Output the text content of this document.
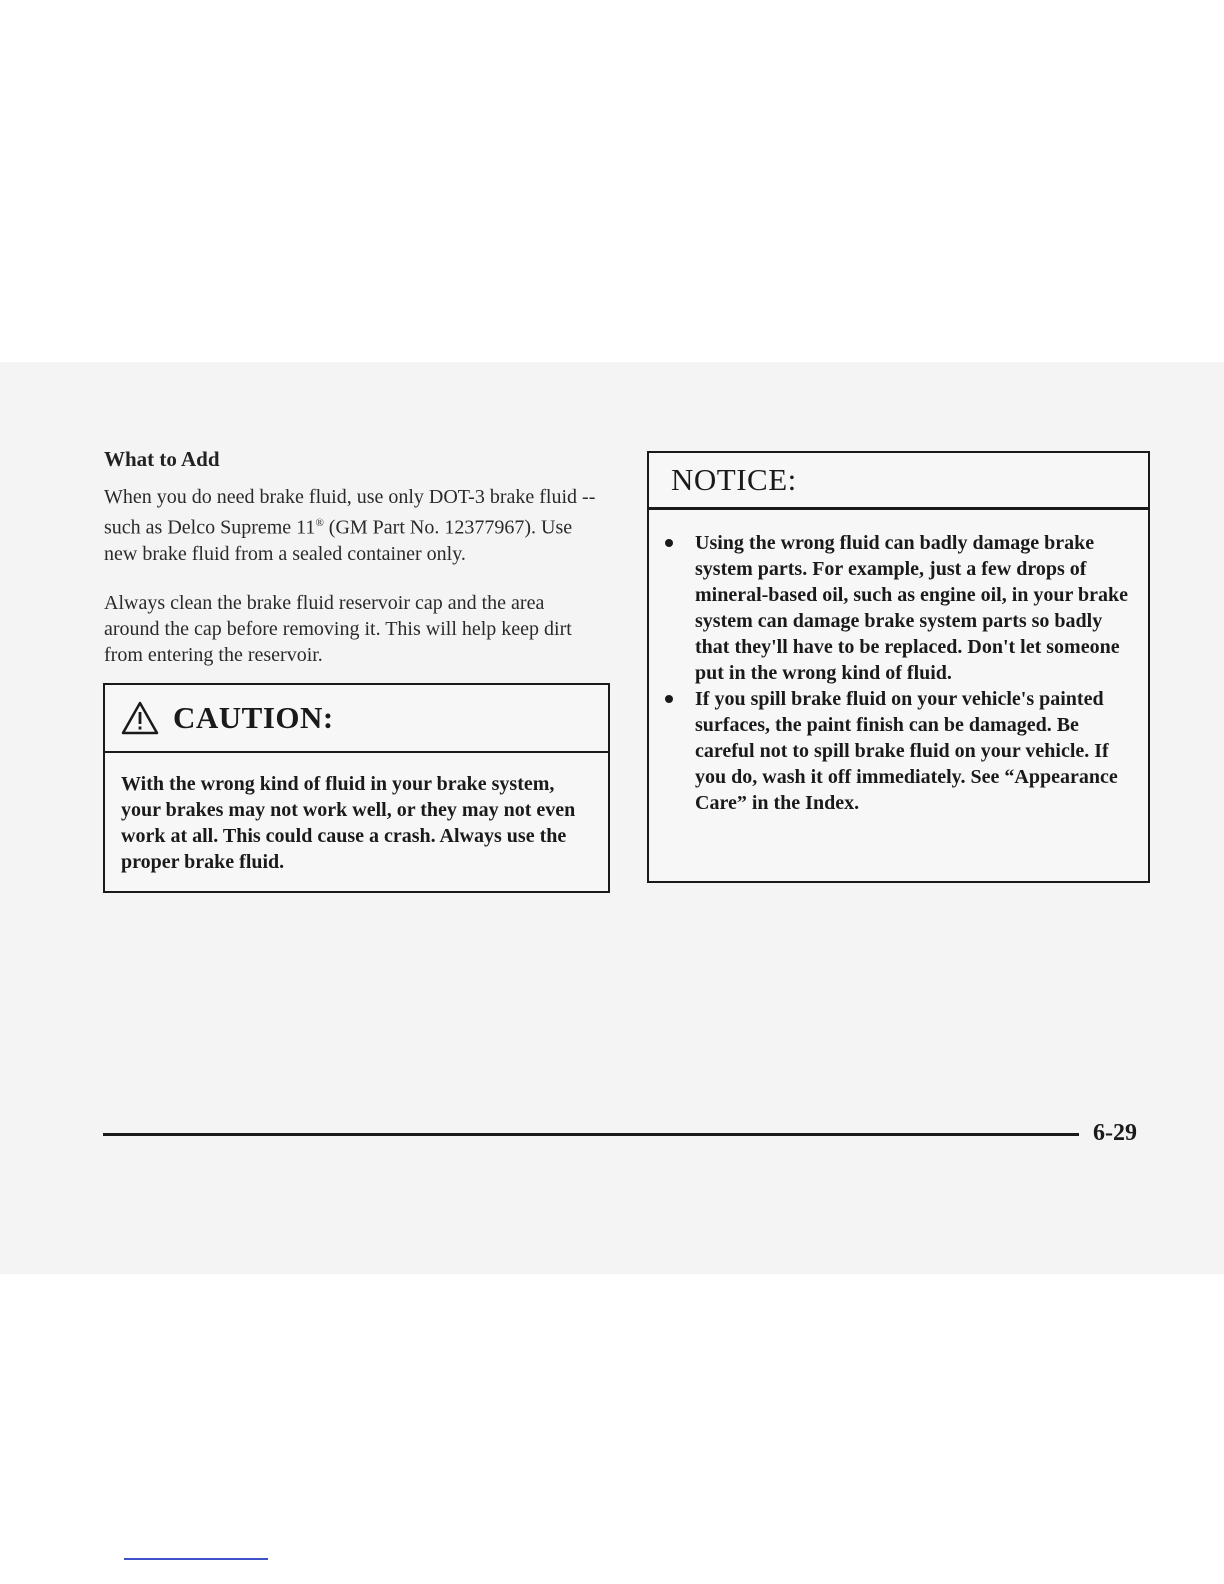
What to Add

When you do need brake fluid, use only DOT-3 brake fluid -- such as Delco Supreme 11® (GM Part No. 12377967). Use new brake fluid from a sealed container only.

Always clean the brake fluid reservoir cap and the area around the cap before removing it. This will help keep dirt from entering the reservoir.

CAUTION:
With the wrong kind of fluid in your brake system, your brakes may not work well, or they may not even work at all. This could cause a crash. Always use the proper brake fluid.
NOTICE:
Using the wrong fluid can badly damage brake system parts. For example, just a few drops of mineral-based oil, such as engine oil, in your brake system can damage brake system parts so badly that they'll have to be replaced. Don't let someone put in the wrong kind of fluid.
If you spill brake fluid on your vehicle's painted surfaces, the paint finish can be damaged. Be careful not to spill brake fluid on your vehicle. If you do, wash it off immediately. See “Appearance Care” in the Index.
6-29
